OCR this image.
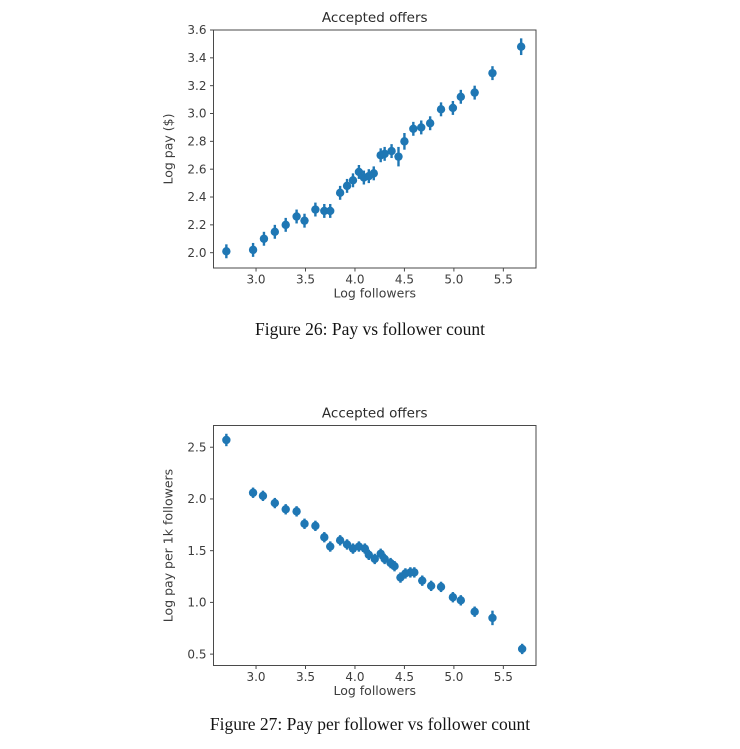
Accepted offers
3.0	3.5	4.0	4.5	5.0	5.5
2.0
2.2
2.4
2.6
2.8
3.0
3.2
3.4
3.6
Log followers
Log pay ($)
Figure 26: Pay vs follower count
Accepted offers
3.0	3.5	4.0	4.5	5.0	5.5
0.5
1.0
1.5
2.0
2.5
Log followers
Log pay per 1k followers
Figure 27: Pay per follower vs follower count
